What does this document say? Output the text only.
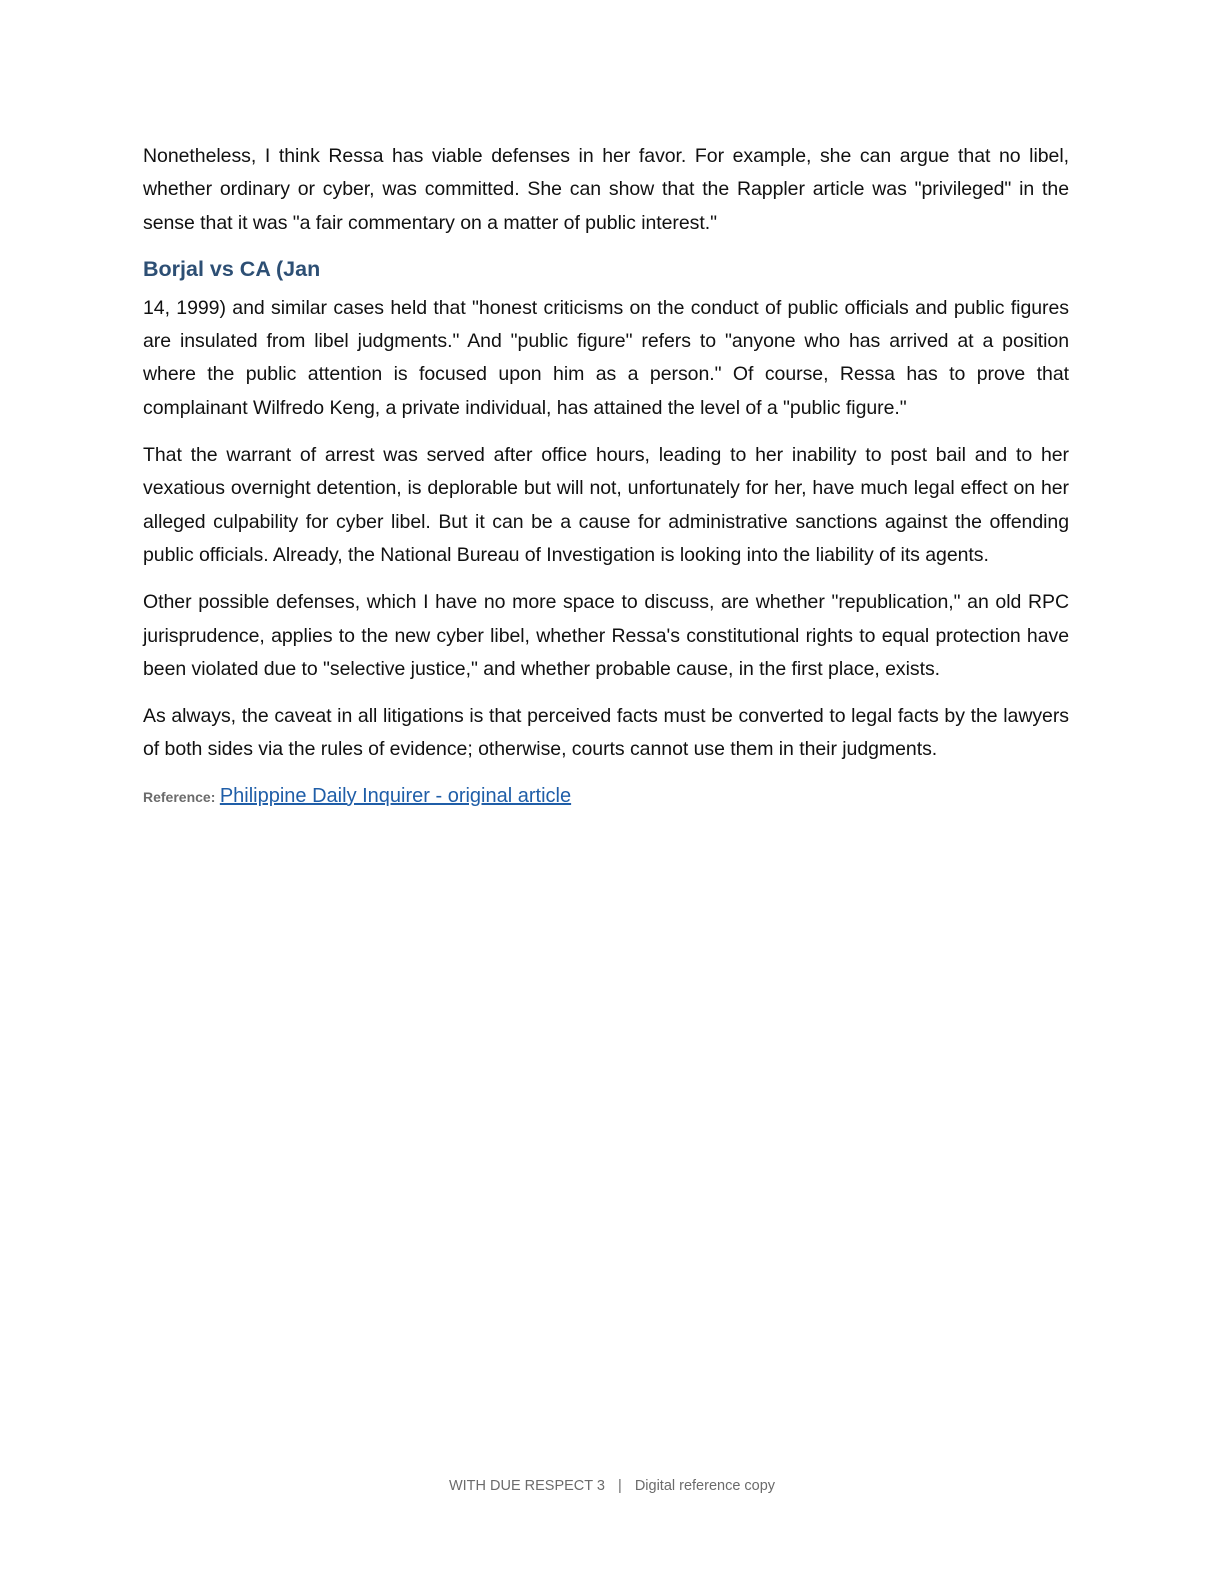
Nonetheless, I think Ressa has viable defenses in her favor. For example, she can argue that no libel, whether ordinary or cyber, was committed. She can show that the Rappler article was "privileged" in the sense that it was "a fair commentary on a matter of public interest."

Borjal vs CA (Jan

14, 1999) and similar cases held that "honest criticisms on the conduct of public officials and public figures are insulated from libel judgments." And "public figure" refers to "anyone who has arrived at a position where the public attention is focused upon him as a person." Of course, Ressa has to prove that complainant Wilfredo Keng, a private individual, has attained the level of a "public figure."

That the warrant of arrest was served after office hours, leading to her inability to post bail and to her vexatious overnight detention, is deplorable but will not, unfortunately for her, have much legal effect on her alleged culpability for cyber libel. But it can be a cause for administrative sanctions against the offending public officials. Already, the National Bureau of Investigation is looking into the liability of its agents.

Other possible defenses, which I have no more space to discuss, are whether "republication," an old RPC jurisprudence, applies to the new cyber libel, whether Ressa's constitutional rights to equal protection have been violated due to "selective justice," and whether probable cause, in the first place, exists.

As always, the caveat in all litigations is that perceived facts must be converted to legal facts by the lawyers of both sides via the rules of evidence; otherwise, courts cannot use them in their judgments.

Reference: Philippine Daily Inquirer - original article
WITH DUE RESPECT 3 | Digital reference copy
